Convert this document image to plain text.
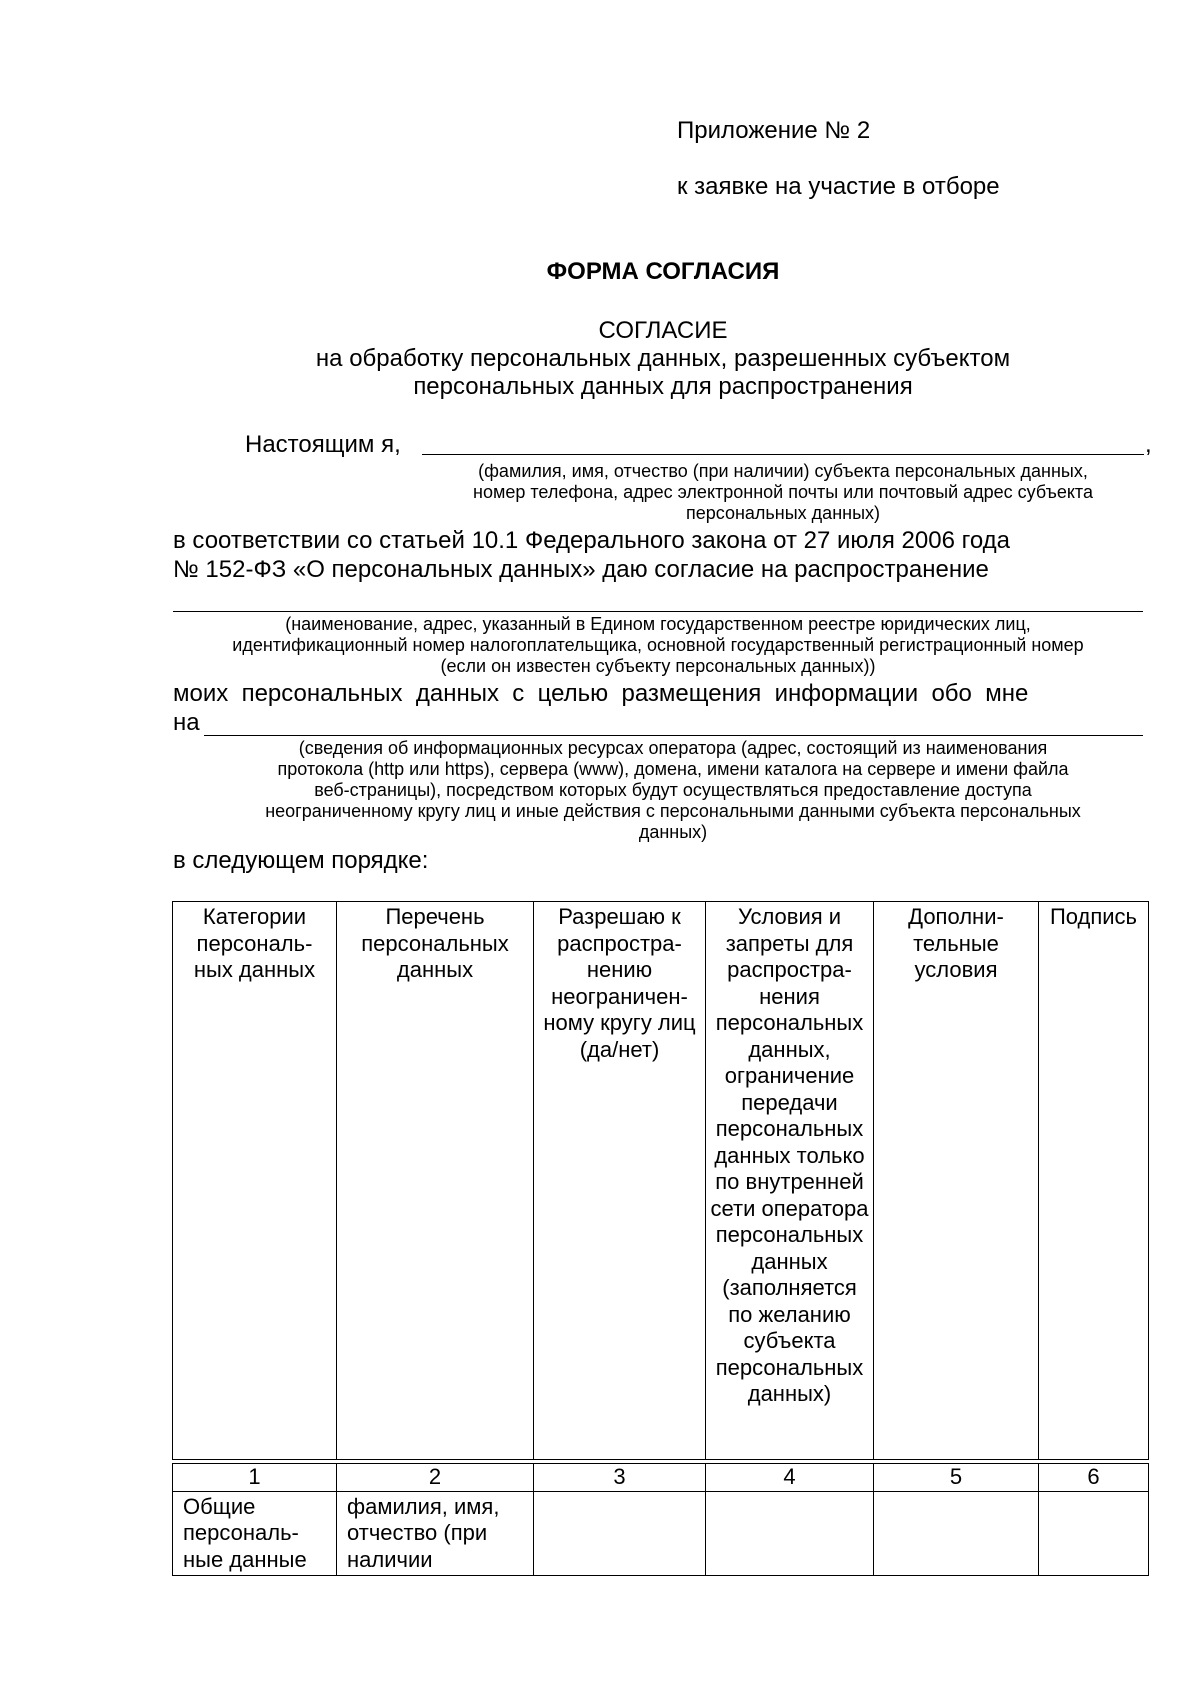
Приложение № 2
к заявке на участие в отборе
ФОРМА СОГЛАСИЯ
СОГЛАСИЕ
на обработку персональных данных, разрешенных субъектом
персональных данных для распространения
Настоящим я,	,
(фамилия, имя, отчество (при наличии) субъекта персональных данных,
номер телефона, адрес электронной почты или почтовый адрес субъекта
персональных данных)
в соответствии со статьей 10.1 Федерального закона от 27 июля 2006 года
№ 152-ФЗ «О персональных данных» даю согласие на распространение
(наименование, адрес, указанный в Едином государственном реестре юридических лиц,
идентификационный номер налогоплательщика, основной государственный регистрационный номер
(если он известен субъекту персональных данных))
моих  персональных  данных  с  целью  размещения  информации  обо  мне
на
(сведения об информационных ресурсах оператора (адрес, состоящий из наименования
протокола (http или https), сервера (www), домена, имени каталога на сервере и имени файла
веб-страницы), посредством которых будут осуществляться предоставление доступа
неограниченному кругу лиц и иные действия с персональными данными субъекта персональных
данных)
в следующем порядке:
Категории персональ- ных данных	Перечень персональных данных	Разрешаю к распростра- нению неограничен- ному кругу лиц (да/нет)	Условия и запреты для распростра- нения персональных данных, ограничение передачи персональных данных только по внутренней сети оператора персональных данных (заполняется по желанию субъекта персональных данных)	Дополни- тельные условия	Подпись
1	2	3	4	5	6
Общие персональ- ные данные	фамилия, имя, отчество (при наличии				
